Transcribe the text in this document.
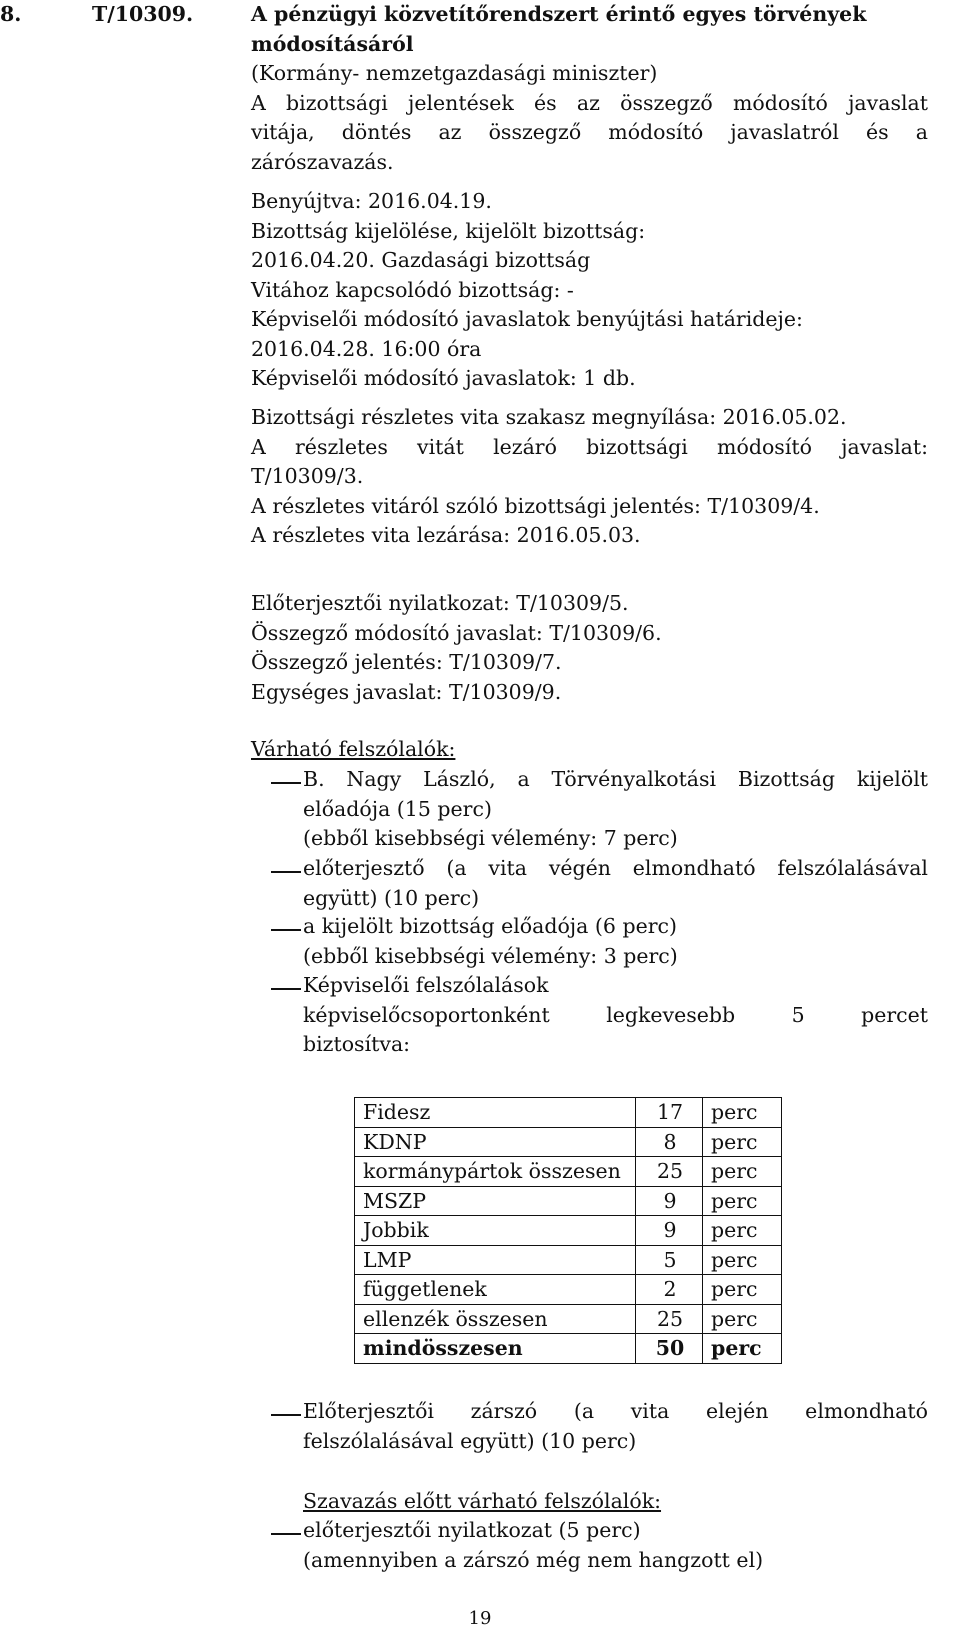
8.	T/10309.	A pénzügyi közvetítőrendszert érintő egyes törvények
módosításáról
(Kormány- nemzetgazdasági miniszter)
A bizottsági jelentések és az összegző módosító javaslat
vitája, döntés az összegző módosító javaslatról és a
zárószavazás.
Benyújtva: 2016.04.19.
Bizottság kijelölése, kijelölt bizottság:
2016.04.20. Gazdasági bizottság
Vitához kapcsolódó bizottság: -
Képviselői módosító javaslatok benyújtási határideje:
2016.04.28. 16:00 óra
Képviselői módosító javaslatok: 1 db.
Bizottsági részletes vita szakasz megnyílása: 2016.05.02.
A részletes vitát lezáró bizottsági módosító javaslat:
T/10309/3.
A részletes vitáról szóló bizottsági jelentés: T/10309/4.
A részletes vita lezárása: 2016.05.03.
Előterjesztői nyilatkozat: T/10309/5.
Összegző módosító javaslat: T/10309/6.
Összegző jelentés: T/10309/7.
Egységes javaslat: T/10309/9.
Várható felszólalók:
B. Nagy László, a Törvényalkotási Bizottság kijelölt
előadója (15 perc)
(ebből kisebbségi vélemény: 7 perc)
előterjesztő (a vita végén elmondható felszólalásával
együtt) (10 perc)
a kijelölt bizottság előadója (6 perc)
(ebből kisebbségi vélemény: 3 perc)
Képviselői felszólalások
képviselőcsoportonként legkevesebb 5 percet
biztosítva:
Fidesz	17	perc
KDNP	8	perc
kormánypártok összesen	25	perc
MSZP	9	perc
Jobbik	9	perc
LMP	5	perc
függetlenek	2	perc
ellenzék összesen	25	perc
mindösszesen	50	perc
Előterjesztői zárszó (a vita elején elmondható
felszólalásával együtt) (10 perc)
Szavazás előtt várható felszólalók:
előterjesztői nyilatkozat (5 perc)
(amennyiben a zárszó még nem hangzott el)
19
